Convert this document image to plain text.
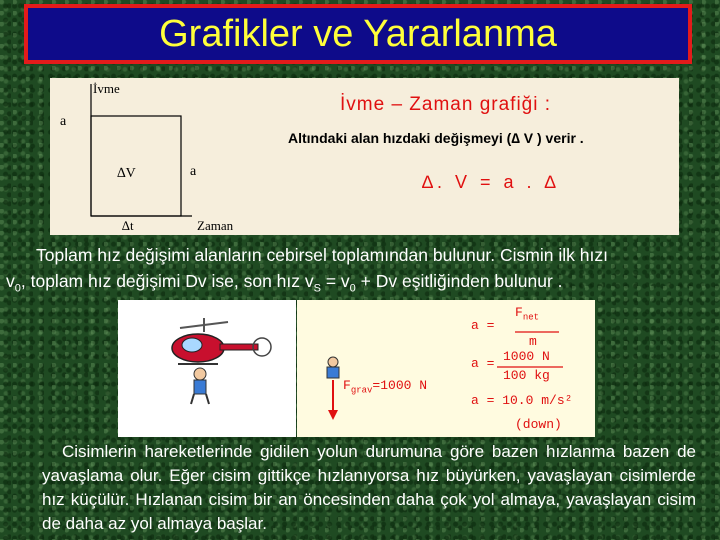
Grafikler ve Yararlanma
İvme
a
∆V	a
∆t	Zaman
İvme – Zaman grafiği :
Altındaki alan hızdaki değişmeyi (∆ V ) verir .
∆. V = a . ∆
Toplam hız değişimi alanların cebirsel toplamından bulunur. Cismin ilk hızı
$v_0$, toplam hız değişimi Dv ise, son hız $v_S = v_0 + Dv$ eşitliğinden bulunur .
a =
$F_{net}$
m
a = 1000 N
100 kg
a = 10.0 m/s²
(down)
$F_{grav}=1000$ N
Cisimlerin hareketlerinde gidilen yolun durumuna göre bazen hızlanma bazen de yavaşlama olur. Eğer cisim gittikçe hızlanıyorsa hız büyürken, yavaşlayan cisimlerde hız küçülür. Hızlanan cisim bir an öncesinden daha çok yol almaya, yavaşlayan cisim de daha az yol almaya başlar.
